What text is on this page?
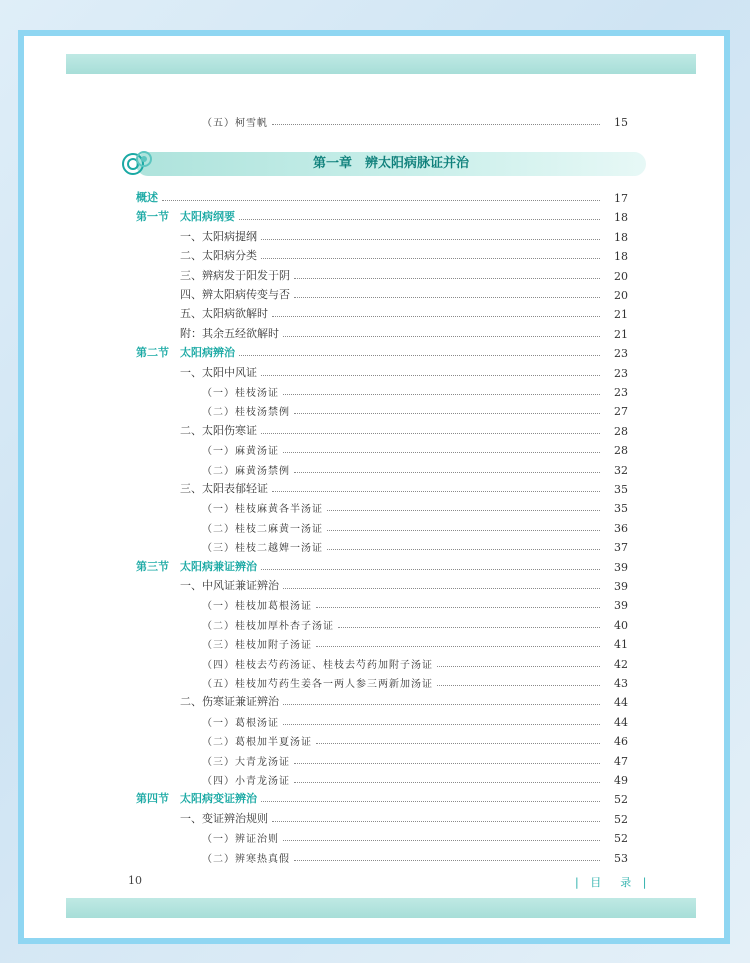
第一章　辨太阳病脉证并治
（五）柯雪帆	15
概述	17
第一节	太阳病纲要	18
一、太阳病提纲	18
二、太阳病分类	18
三、辨病发于阳发于阴	20
四、辨太阳病传变与否	20
五、太阳病欲解时	21
附：其余五经欲解时	21
第二节	太阳病辨治	23
一、太阳中风证	23
（一）桂枝汤证	23
（二）桂枝汤禁例	27
二、太阳伤寒证	28
（一）麻黄汤证	28
（二）麻黄汤禁例	32
三、太阳表郁轻证	35
（一）桂枝麻黄各半汤证	35
（二）桂枝二麻黄一汤证	36
（三）桂枝二越婢一汤证	37
第三节	太阳病兼证辨治	39
一、中风证兼证辨治	39
（一）桂枝加葛根汤证	39
（二）桂枝加厚朴杏子汤证	40
（三）桂枝加附子汤证	41
（四）桂枝去芍药汤证、桂枝去芍药加附子汤证	42
（五）桂枝加芍药生姜各一两人参三两新加汤证	43
二、伤寒证兼证辨治	44
（一）葛根汤证	44
（二）葛根加半夏汤证	46
（三）大青龙汤证	47
（四）小青龙汤证	49
第四节	太阳病变证辨治	52
一、变证辨治规则	52
（一）辨证治则	52
（二）辨寒热真假	53
10	| 目　录 |
